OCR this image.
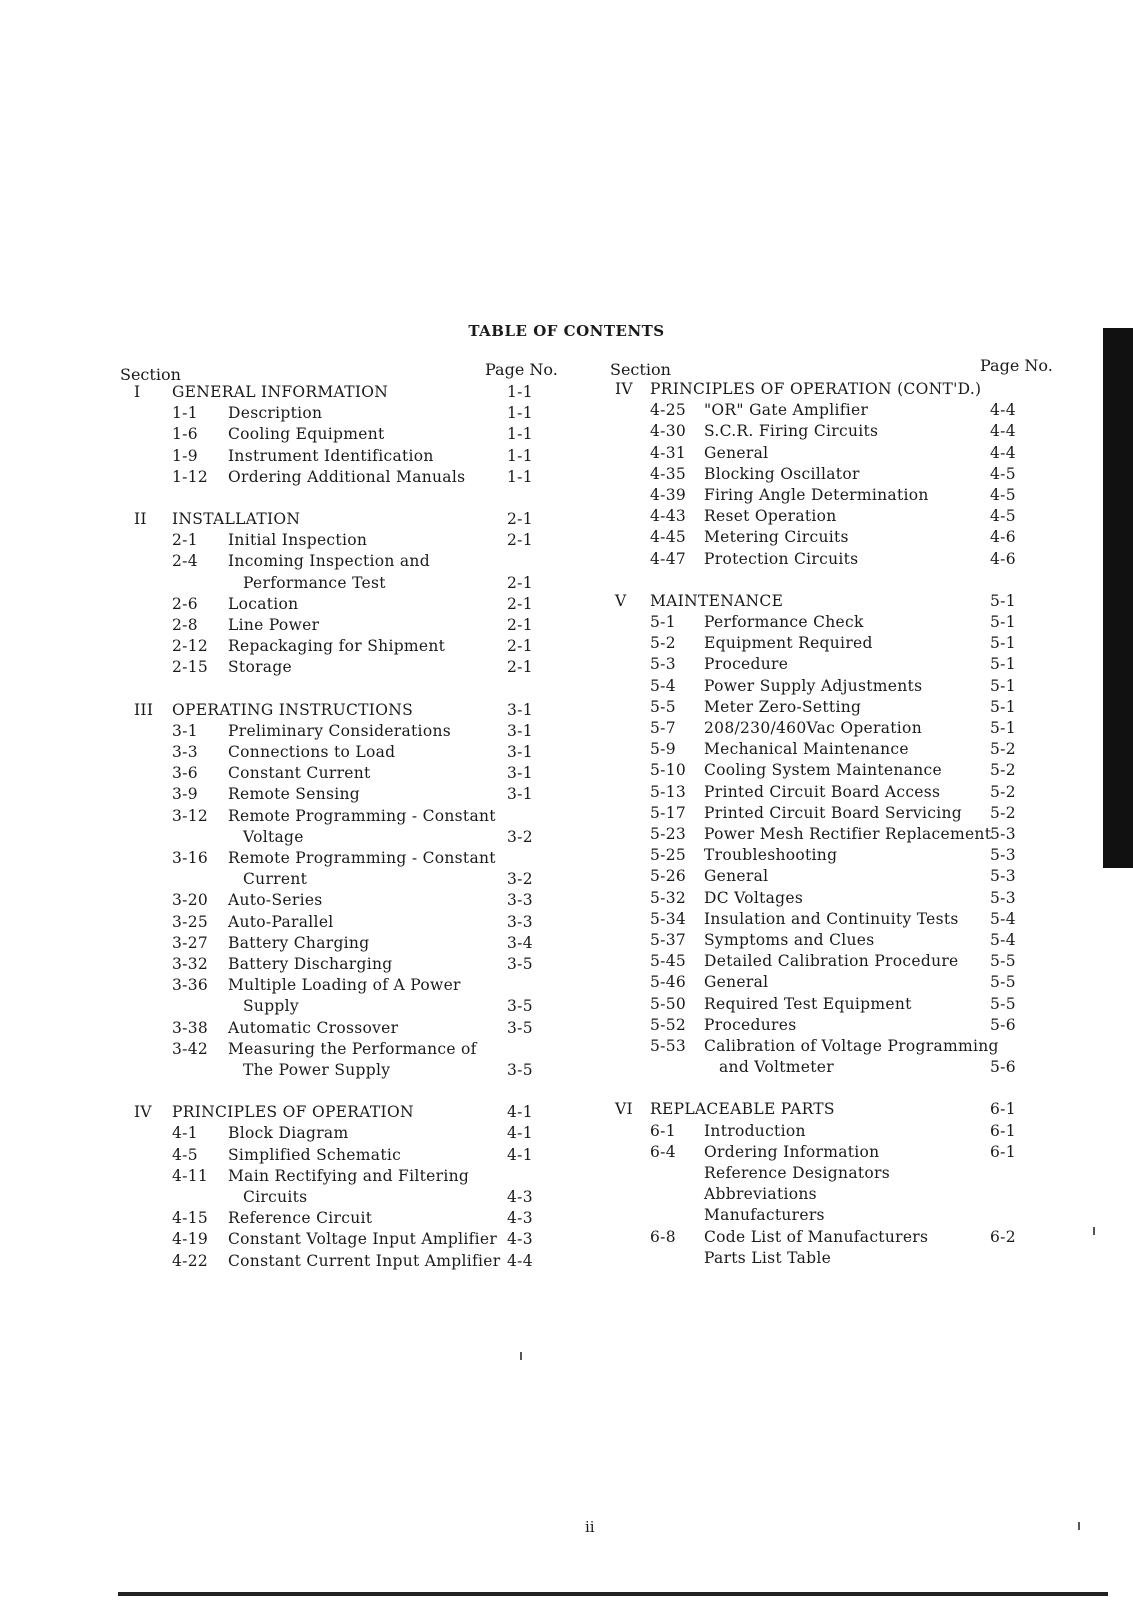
TABLE OF CONTENTS
Section	Page No.	Section	Page No.
I GENERAL INFORMATION	1-1
1-1 Description	1-1
1-6 Cooling Equipment	1-1
1-9 Instrument Identification	1-1
1-12 Ordering Additional Manuals	1-1
II INSTALLATION	2-1
2-1 Initial Inspection	2-1
2-4 Incoming Inspection and
Performance Test	2-1
2-6 Location	2-1
2-8 Line Power	2-1
2-12 Repackaging for Shipment	2-1
2-15 Storage	2-1
III OPERATING INSTRUCTIONS	3-1
3-1 Preliminary Considerations	3-1
3-3 Connections to Load	3-1
3-6 Constant Current	3-1
3-9 Remote Sensing	3-1
3-12 Remote Programming - Constant
Voltage	3-2
3-16 Remote Programming - Constant
Current	3-2
3-20 Auto-Series	3-3
3-25 Auto-Parallel	3-3
3-27 Battery Charging	3-4
3-32 Battery Discharging	3-5
3-36 Multiple Loading of A Power
Supply	3-5
3-38 Automatic Crossover	3-5
3-42 Measuring the Performance of
The Power Supply	3-5
IV PRINCIPLES OF OPERATION	4-1
4-1 Block Diagram	4-1
4-5 Simplified Schematic	4-1
4-11 Main Rectifying and Filtering
Circuits	4-3
4-15 Reference Circuit	4-3
4-19 Constant Voltage Input Amplifier 4-3
4-22 Constant Current Input Amplifier 4-4
IV PRINCIPLES OF OPERATION (CONT'D.)
4-25 "OR" Gate Amplifier	4-4
4-30 S.C.R. Firing Circuits	4-4
4-31 General	4-4
4-35 Blocking Oscillator	4-5
4-39 Firing Angle Determination	4-5
4-43 Reset Operation	4-5
4-45 Metering Circuits	4-6
4-47 Protection Circuits	4-6
V MAINTENANCE	5-1
5-1 Performance Check	5-1
5-2 Equipment Required	5-1
5-3 Procedure	5-1
5-4 Power Supply Adjustments	5-1
5-5 Meter Zero-Setting	5-1
5-7 208/230/460Vac Operation	5-1
5-9 Mechanical Maintenance	5-2
5-10 Cooling System Maintenance	5-2
5-13 Printed Circuit Board Access	5-2
5-17 Printed Circuit Board Servicing 5-2
5-23 Power Mesh Rectifier Replacement
5-3
5-25 Troubleshooting	5-3
5-26 General	5-3
5-32 DC Voltages	5-3
5-34 Insulation and Continuity Tests 5-4
5-37 Symptoms and Clues	5-4
5-45 Detailed Calibration Procedure 5-5
5-46 General	5-5
5-50 Required Test Equipment	5-5
5-52 Procedures	5-6
5-53 Calibration of Voltage Programming
and Voltmeter	5-6
VI REPLACEABLE PARTS	6-1
6-1 Introduction	6-1
6-4 Ordering Information	6-1
Reference Designators
Abbreviations
Manufacturers
6-8 Code List of Manufacturers	6-2
Parts List Table
ii
